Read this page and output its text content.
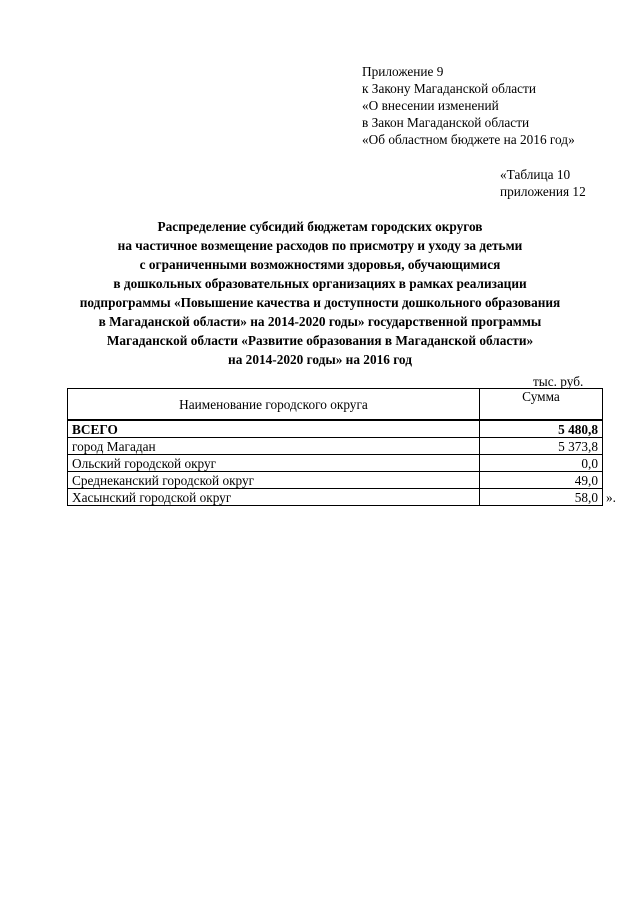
Приложение 9
к Закону Магаданской области
«О внесении изменений
в Закон Магаданской области
«Об областном бюджете на 2016 год»
«Таблица 10
приложения 12
Распределение субсидий бюджетам городских округов
на частичное возмещение расходов по присмотру и уходу за детьми
с ограниченными возможностями здоровья, обучающимися
в дошкольных образовательных организациях в рамках реализации
подпрограммы «Повышение качества и доступности дошкольного образования
в Магаданской области» на 2014-2020 годы» государственной программы
Магаданской области «Развитие образования в Магаданской области»
на 2014-2020 годы» на 2016 год
тыс. руб.
Наименование городского округа	Сумма
ВСЕГО	5 480,8
город Магадан	5 373,8
Ольский городской округ	0,0
Среднеканский городской округ	49,0
Хасынский городской округ	58,0 ».
